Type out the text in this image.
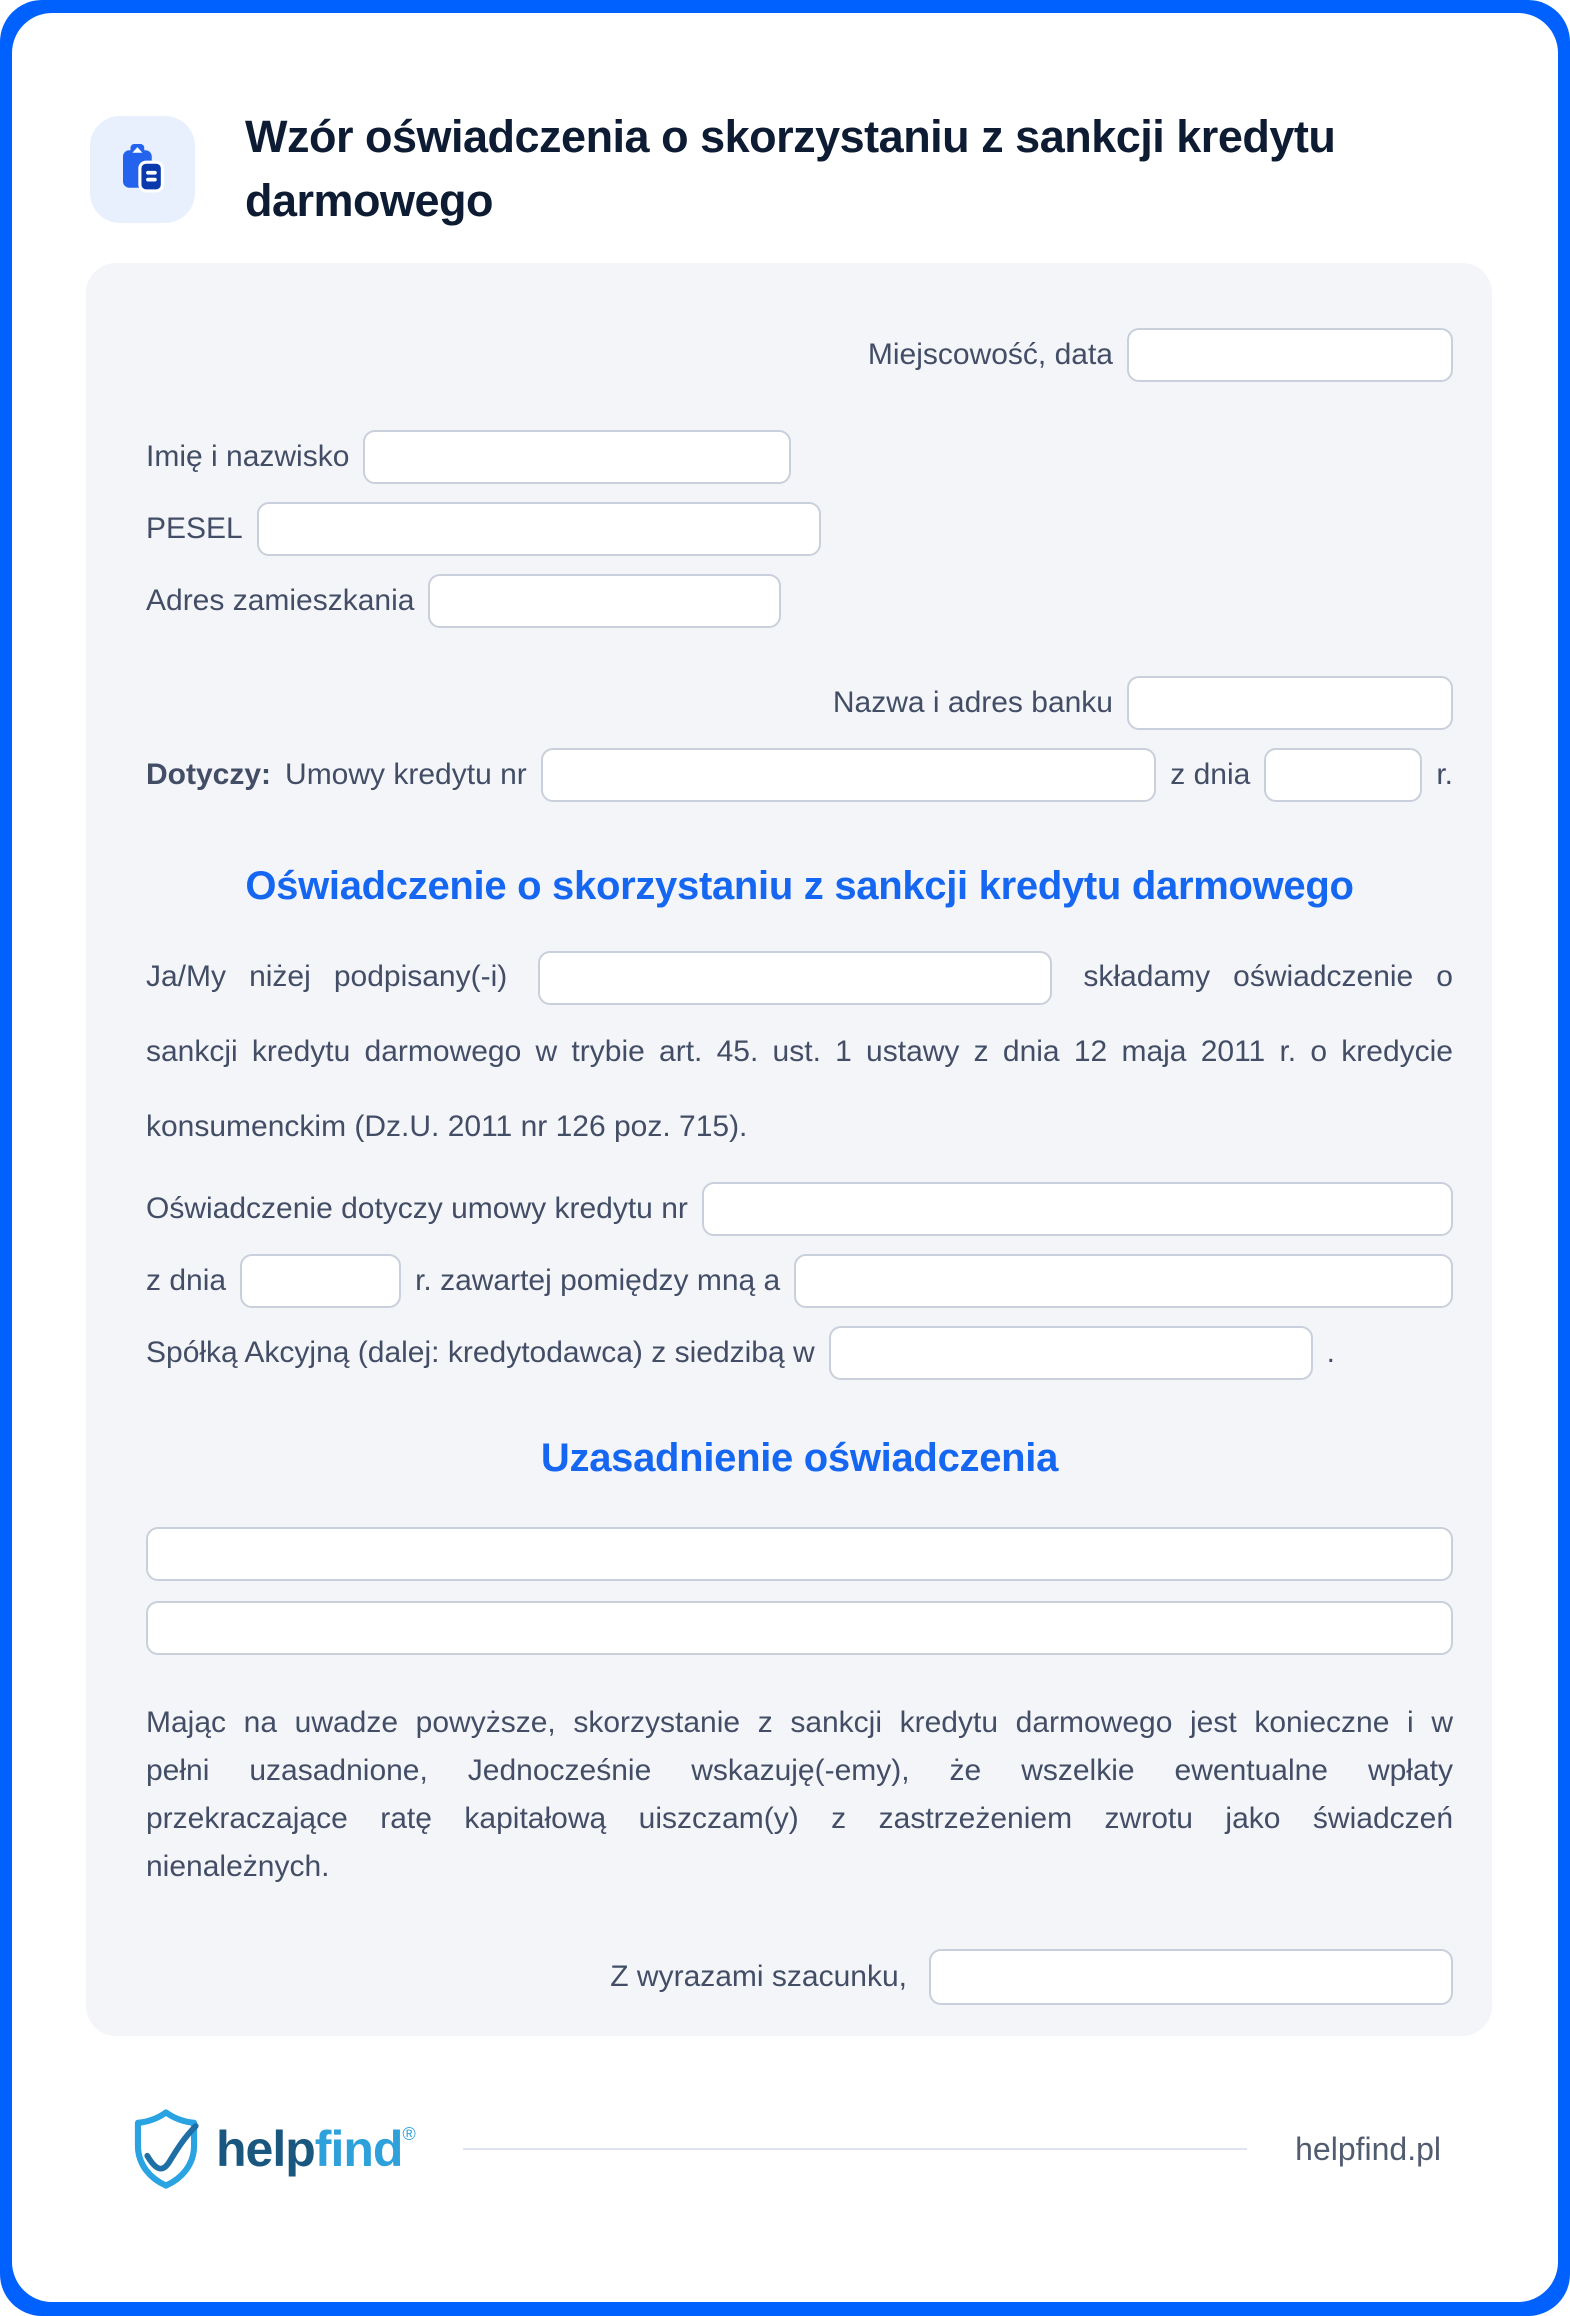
Wzór oświadczenia o skorzystaniu z sankcji kredytu darmowego
Miejscowość, data
Imię i nazwisko
PESEL
Adres zamieszkania
Nazwa i adres banku
Dotyczy: Umowy kredytu nr	z dnia	r.
Oświadczenie o skorzystaniu z sankcji kredytu darmowego

Ja/My niżej podpisany(-i)	składamy oświadczenie o sankcji kredytu darmowego w trybie art. 45. ust. 1 ustawy z dnia 12 maja 2011 r. o kredycie konsumenckim (Dz.U. 2011 nr 126 poz. 715).

Oświadczenie dotyczy umowy kredytu nr
z dnia	r. zawartej pomiędzy mną a
Spółką Akcyjną (dalej: kredytodawca) z siedzibą w	.
Uzasadnienie oświadczenia

Mając na uwadze powyższe, skorzystanie z sankcji kredytu darmowego jest konieczne i w pełni uzasadnione, Jednocześnie wskazuję(-emy), że wszelkie ewentualne wpłaty przekraczające ratę kapitałową uiszczam(y) z zastrzeżeniem zwrotu jako świadczeń nienależnych.

Z wyrazami szacunku,
help find ®	helpfind.pl
